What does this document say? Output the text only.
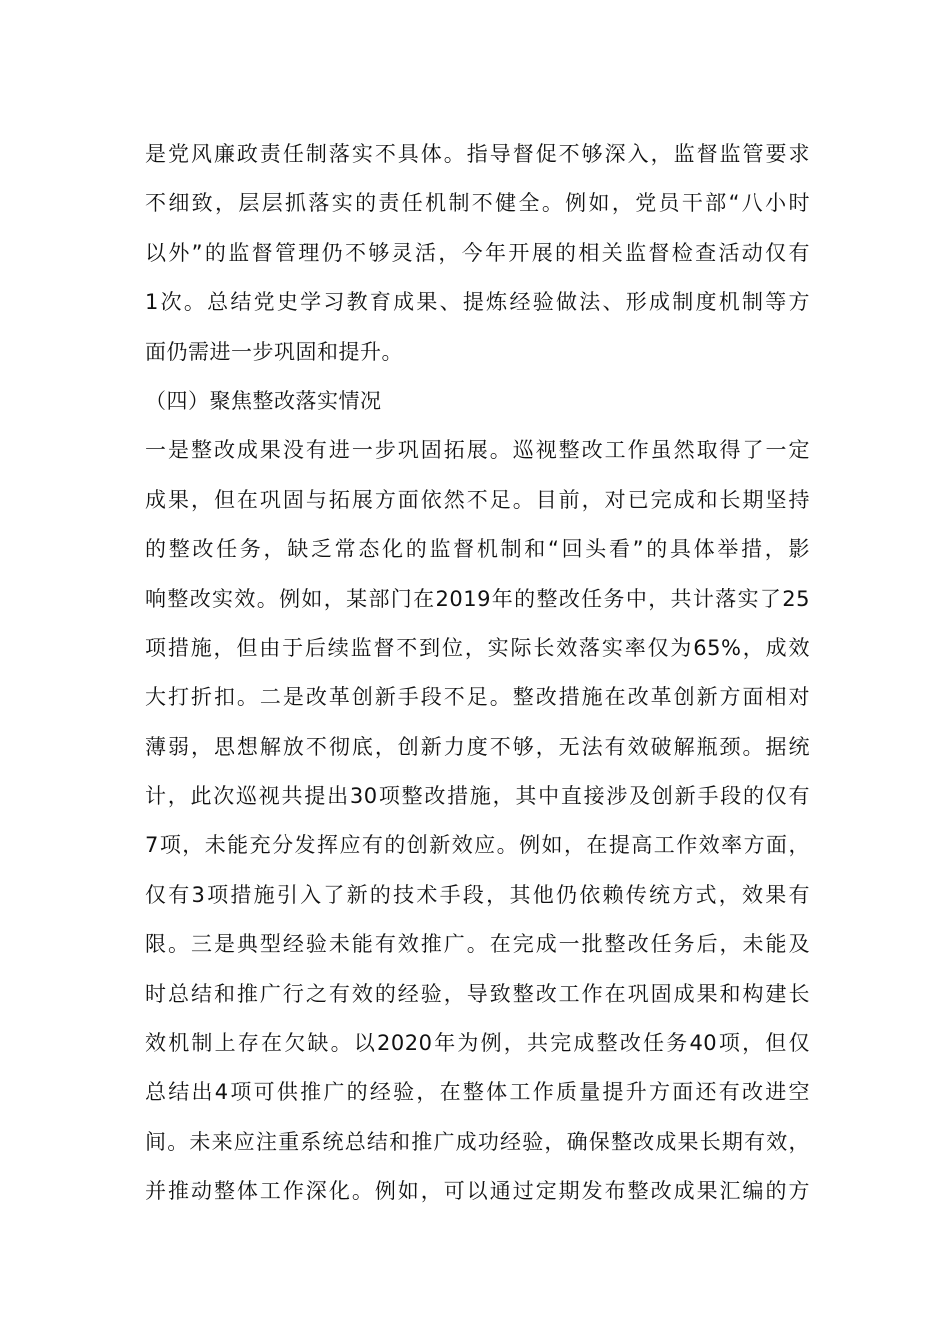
是党风廉政责任制落实不具体。指导督促不够深入，监督监管要求
不细致，层层抓落实的责任机制不健全。例如，党员干部“八小时
以外”的监督管理仍不够灵活，今年开展的相关监督检查活动仅有
1次。总结党史学习教育成果、提炼经验做法、形成制度机制等方
面仍需进一步巩固和提升。
（四）聚焦整改落实情况
一是整改成果没有进一步巩固拓展。巡视整改工作虽然取得了一定
成果，但在巩固与拓展方面依然不足。目前，对已完成和长期坚持
的整改任务，缺乏常态化的监督机制和“回头看”的具体举措，影
响整改实效。例如，某部门在2019年的整改任务中，共计落实了25
项措施，但由于后续监督不到位，实际长效落实率仅为65%，成效
大打折扣。二是改革创新手段不足。整改措施在改革创新方面相对
薄弱，思想解放不彻底，创新力度不够，无法有效破解瓶颈。据统
计，此次巡视共提出30项整改措施，其中直接涉及创新手段的仅有
7项，未能充分发挥应有的创新效应。例如，在提高工作效率方面，
仅有3项措施引入了新的技术手段，其他仍依赖传统方式，效果有
限。三是典型经验未能有效推广。在完成一批整改任务后，未能及
时总结和推广行之有效的经验，导致整改工作在巩固成果和构建长
效机制上存在欠缺。以2020年为例，共完成整改任务40项，但仅
总结出4项可供推广的经验，在整体工作质量提升方面还有改进空
间。未来应注重系统总结和推广成功经验，确保整改成果长期有效，
并推动整体工作深化。例如，可以通过定期发布整改成果汇编的方
